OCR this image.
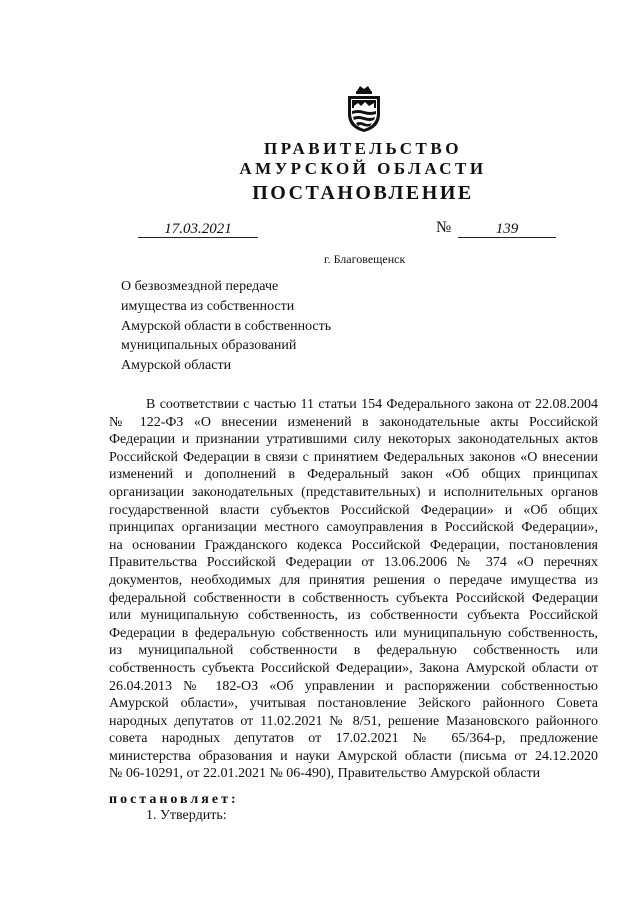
ПРАВИТЕЛЬСТВО
АМУРСКОЙ ОБЛАСТИ
ПОСТАНОВЛЕНИЕ
17.03.2021	№	139
г. Благовещенск
О безвозмездной передаче
имущества из собственности
Амурской области в собственность
муниципальных образований
Амурской области
В соответствии с частью 11 статьи 154 Федерального закона от 22.08.2004
№ 122-ФЗ «О внесении изменений в законодательные акты Российской
Федерации и признании утратившими силу некоторых законодательных актов
Российской Федерации в связи с принятием Федеральных законов «О внесении
изменений и дополнений в Федеральный закон «Об общих принципах
организации законодательных (представительных) и исполнительных органов
государственной власти субъектов Российской Федерации» и «Об общих
принципах организации местного самоуправления в Российской Федерации»,
на основании Гражданского кодекса Российской Федерации, постановления
Правительства Российской Федерации от 13.06.2006 № 374 «О перечнях
документов, необходимых для принятия решения о передаче имущества из
федеральной собственности в собственность субъекта Российской Федерации
или муниципальную собственность, из собственности субъекта Российской
Федерации в федеральную собственность или муниципальную собственность,
из муниципальной собственности в федеральную собственность или
собственность субъекта Российской Федерации», Закона Амурской области от
26.04.2013 № 182-ОЗ «Об управлении и распоряжении собственностью
Амурской области», учитывая постановление Зейского районного Совета
народных депутатов от 11.02.2021 № 8/51, решение Мазановского районного
совета народных депутатов от 17.02.2021 № 65/364-р, предложение
министерства образования и науки Амурской области (письма от 24.12.2020
№ 06-10291, от 22.01.2021 № 06-490), Правительство Амурской области
постановляет:
1. Утвердить:
